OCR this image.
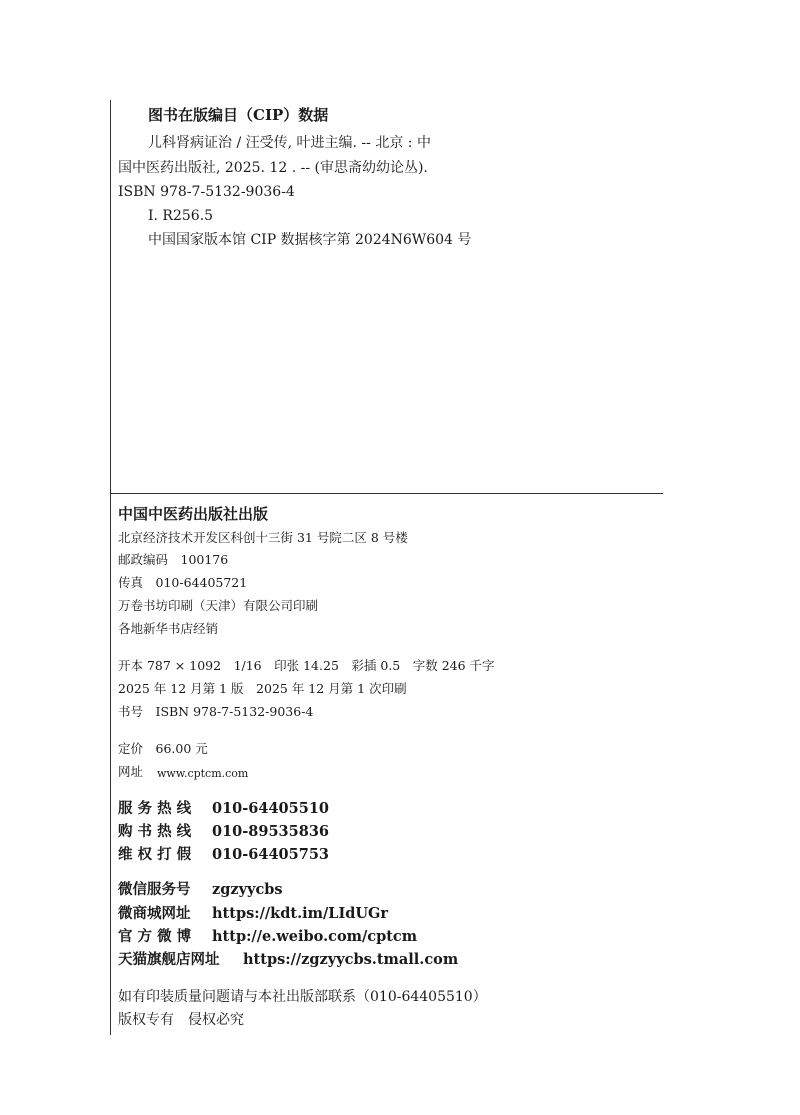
图书在版编目（CIP）数据
儿科肾病证治 / 汪受传, 叶进主编. -- 北京 : 中
国中医药出版社, 2025. 12 . -- (审思斋幼幼论丛).
ISBN 978-7-5132-9036-4
Ⅰ. R256.5
中国国家版本馆 CIP 数据核字第 2024N6W604 号
中国中医药出版社出版
北京经济技术开发区科创十三街 31 号院二区 8 号楼
邮政编码　100176
传真　010-64405721
万卷书坊印刷（天津）有限公司印刷
各地新华书店经销
开本 787 × 1092　1/16　印张 14.25　彩插 0.5　字数 246 千字
2025 年 12 月第 1 版　2025 年 12 月第 1 次印刷
书号　ISBN 978-7-5132-9036-4
定价　66.00 元
网址 www.cptcm.com
服 务 热 线 010-64405510
购 书 热 线 010-89535836
维 权 打 假 010-64405753
微信服务号 zgzyycbs
微商城网址 https://kdt.im/LIdUGr
官 方 微 博 http://e.weibo.com/cptcm
天猫旗舰店网址 https://zgzyycbs.tmall.com
如有印装质量问题请与本社出版部联系（010-64405510）
版权专有　侵权必究
